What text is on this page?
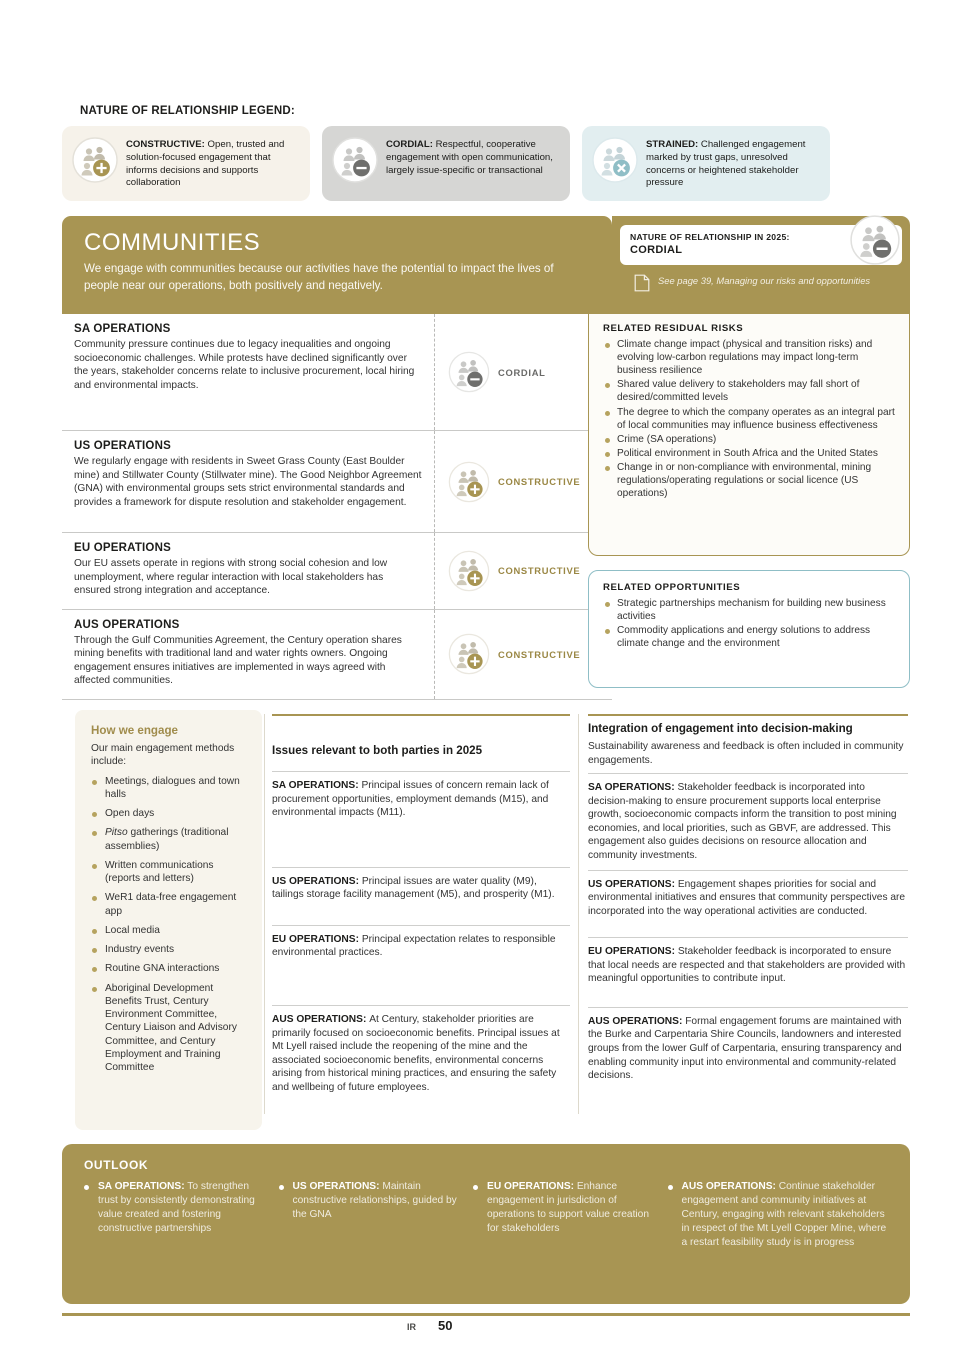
NATURE OF RELATIONSHIP LEGEND:
CONSTRUCTIVE: Open, trusted and solution-focused engagement that informs decisions and supports collaboration
CORDIAL: Respectful, cooperative engagement with open communication, largely issue-specific or transactional
STRAINED: Challenged engagement marked by trust gaps, unresolved concerns or heightened stakeholder pressure
COMMUNITIES

We engage with communities because our activities have the potential to impact the lives of people near our operations, both positively and negatively.

NATURE OF RELATIONSHIP IN 2025:
CORDIAL
See page 39, Managing our risks and opportunities
SA OPERATIONS
Community pressure continues due to legacy inequalities and ongoing socioeconomic challenges. While protests have declined significantly over the years, stakeholder concerns relate to inclusive procurement, local hiring and environmental impacts.
CORDIAL
US OPERATIONS
We regularly engage with residents in Sweet Grass County (East Boulder mine) and Stillwater County (Stillwater mine). The Good Neighbor Agreement (GNA) with environmental groups sets strict environmental standards and provides a framework for dispute resolution and stakeholder engagement.
CONSTRUCTIVE
EU OPERATIONS
Our EU assets operate in regions with strong social cohesion and low unemployment, where regular interaction with local stakeholders has ensured strong integration and acceptance.
CONSTRUCTIVE
AUS OPERATIONS
Through the Gulf Communities Agreement, the Century operation shares mining benefits with traditional land and water rights owners. Ongoing engagement ensures initiatives are implemented in ways agreed with affected communities.
CONSTRUCTIVE
RELATED RESIDUAL RISKS
Climate change impact (physical and transition risks) and evolving low-carbon regulations may impact long-term business resilience
Shared value delivery to stakeholders may fall short of desired/committed levels
The degree to which the company operates as an integral part of local communities may influence business effectiveness
Crime (SA operations)
Political environment in South Africa and the United States
Change in or non-compliance with environmental, mining regulations/operating regulations or social licence (US operations)
RELATED OPPORTUNITIES
Strategic partnerships mechanism for building new business activities
Commodity applications and energy solutions to address climate change and the environment
How we engage
Our main engagement methods include:
Meetings, dialogues and town halls
Open days
Pitso gatherings (traditional assemblies)
Written communications (reports and letters)
WeR1 data-free engagement app
Local media
Industry events
Routine GNA interactions
Aboriginal Development Benefits Trust, Century Environment Committee, Century Liaison and Advisory Committee, and Century Employment and Training Committee
Issues relevant to both parties in 2025
SA OPERATIONS: Principal issues of concern remain lack of procurement opportunities, employment demands (M15), and environmental impacts (M11).
US OPERATIONS: Principal issues are water quality (M9), tailings storage facility management (M5), and prosperity (M1).
EU OPERATIONS: Principal expectation relates to responsible environmental practices.
AUS OPERATIONS: At Century, stakeholder priorities are primarily focused on socioeconomic benefits. Principal issues at Mt Lyell raised include the reopening of the mine and the associated socioeconomic benefits, environmental concerns arising from historical mining practices, and ensuring the safety and wellbeing of future employees.
Integration of engagement into decision-making
Sustainability awareness and feedback is often included in community engagements.
SA OPERATIONS: Stakeholder feedback is incorporated into decision-making to ensure procurement supports local enterprise growth, socioeconomic compacts inform the transition to post mining economies, and local priorities, such as GBVF, are addressed. This engagement also guides decisions on resource allocation and community investments.
US OPERATIONS: Engagement shapes priorities for social and environmental initiatives and ensures that community perspectives are incorporated into the way operational activities are conducted.
EU OPERATIONS: Stakeholder feedback is incorporated to ensure that local needs are respected and that stakeholders are provided with meaningful opportunities to contribute input.
AUS OPERATIONS: Formal engagement forums are maintained with the Burke and Carpentaria Shire Councils, landowners and interested groups from the lower Gulf of Carpentaria, ensuring transparency and enabling community input into environmental and community-related decisions.
OUTLOOK
SA OPERATIONS: To strengthen trust by consistently demonstrating value created and fostering constructive partnerships
US OPERATIONS: Maintain constructive relationships, guided by the GNA
EU OPERATIONS: Enhance engagement in jurisdiction of operations to support value creation for stakeholders
AUS OPERATIONS: Continue stakeholder engagement and community initiatives at Century, engaging with relevant stakeholders in respect of the Mt Lyell Copper Mine, where a restart feasibility study is in progress
IR 50
